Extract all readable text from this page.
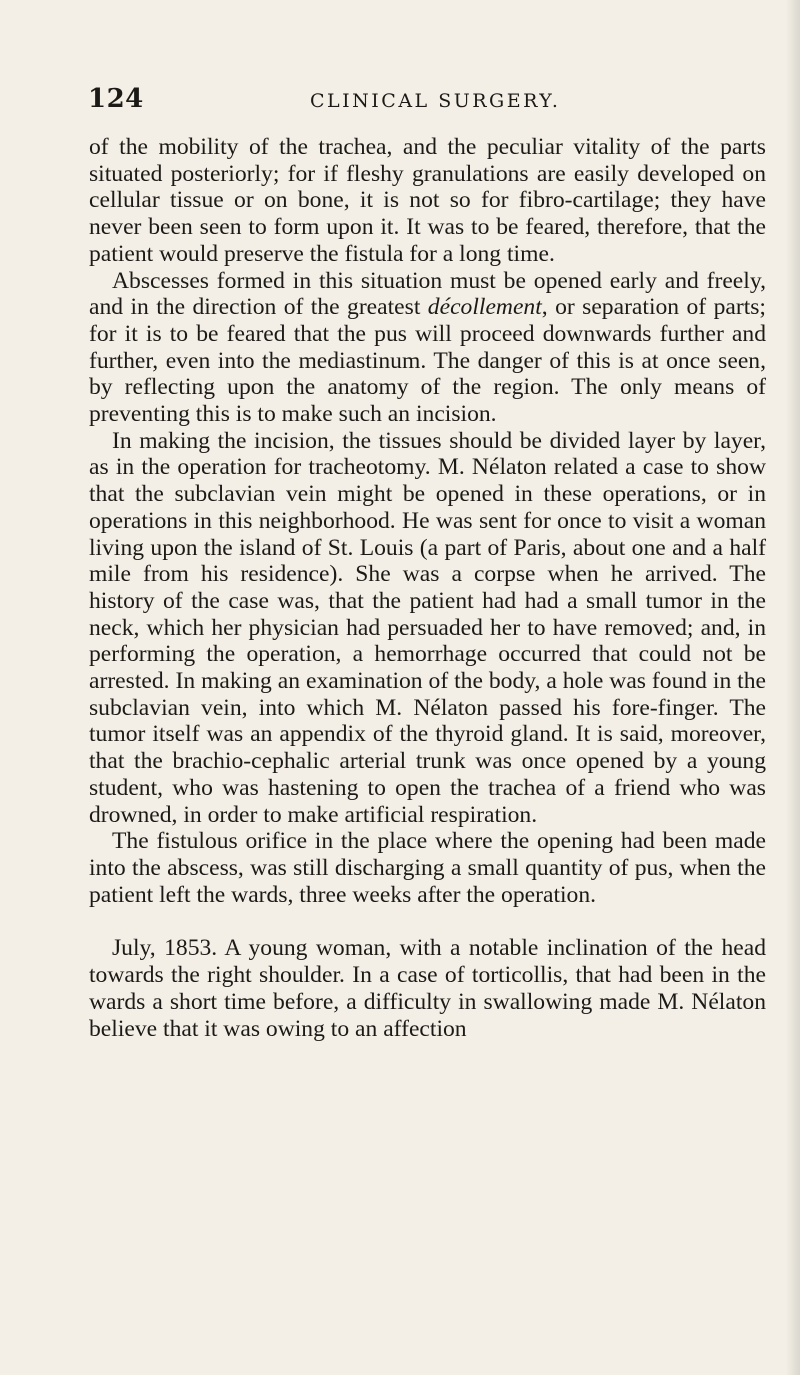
124	CLINICAL SURGERY.

of the mobility of the trachea, and the peculiar vitality of the parts situated posteriorly; for if fleshy granulations are easily developed on cellular tissue or on bone, it is not so for fibro-cartilage; they have never been seen to form upon it. It was to be feared, therefore, that the patient would preserve the fistula for a long time.

Abscesses formed in this situation must be opened early and freely, and in the direction of the greatest décollement, or separation of parts; for it is to be feared that the pus will proceed downwards further and further, even into the mediastinum. The danger of this is at once seen, by reflecting upon the anatomy of the region. The only means of preventing this is to make such an incision.

In making the incision, the tissues should be divided layer by layer, as in the operation for tracheotomy. M. Nélaton related a case to show that the subclavian vein might be opened in these operations, or in operations in this neighborhood. He was sent for once to visit a woman living upon the island of St. Louis (a part of Paris, about one and a half mile from his residence). She was a corpse when he arrived. The history of the case was, that the patient had had a small tumor in the neck, which her physician had persuaded her to have removed; and, in performing the operation, a hemorrhage occurred that could not be arrested. In making an examination of the body, a hole was found in the subclavian vein, into which M. Nélaton passed his fore-finger. The tumor itself was an appendix of the thyroid gland. It is said, moreover, that the brachio-cephalic arterial trunk was once opened by a young student, who was hastening to open the trachea of a friend who was drowned, in order to make artificial respiration.

The fistulous orifice in the place where the opening had been made into the abscess, was still discharging a small quantity of pus, when the patient left the wards, three weeks after the operation.

July, 1853. A young woman, with a notable inclination of the head towards the right shoulder. In a case of torticollis, that had been in the wards a short time before, a difficulty in swallowing made M. Nélaton believe that it was owing to an affection
